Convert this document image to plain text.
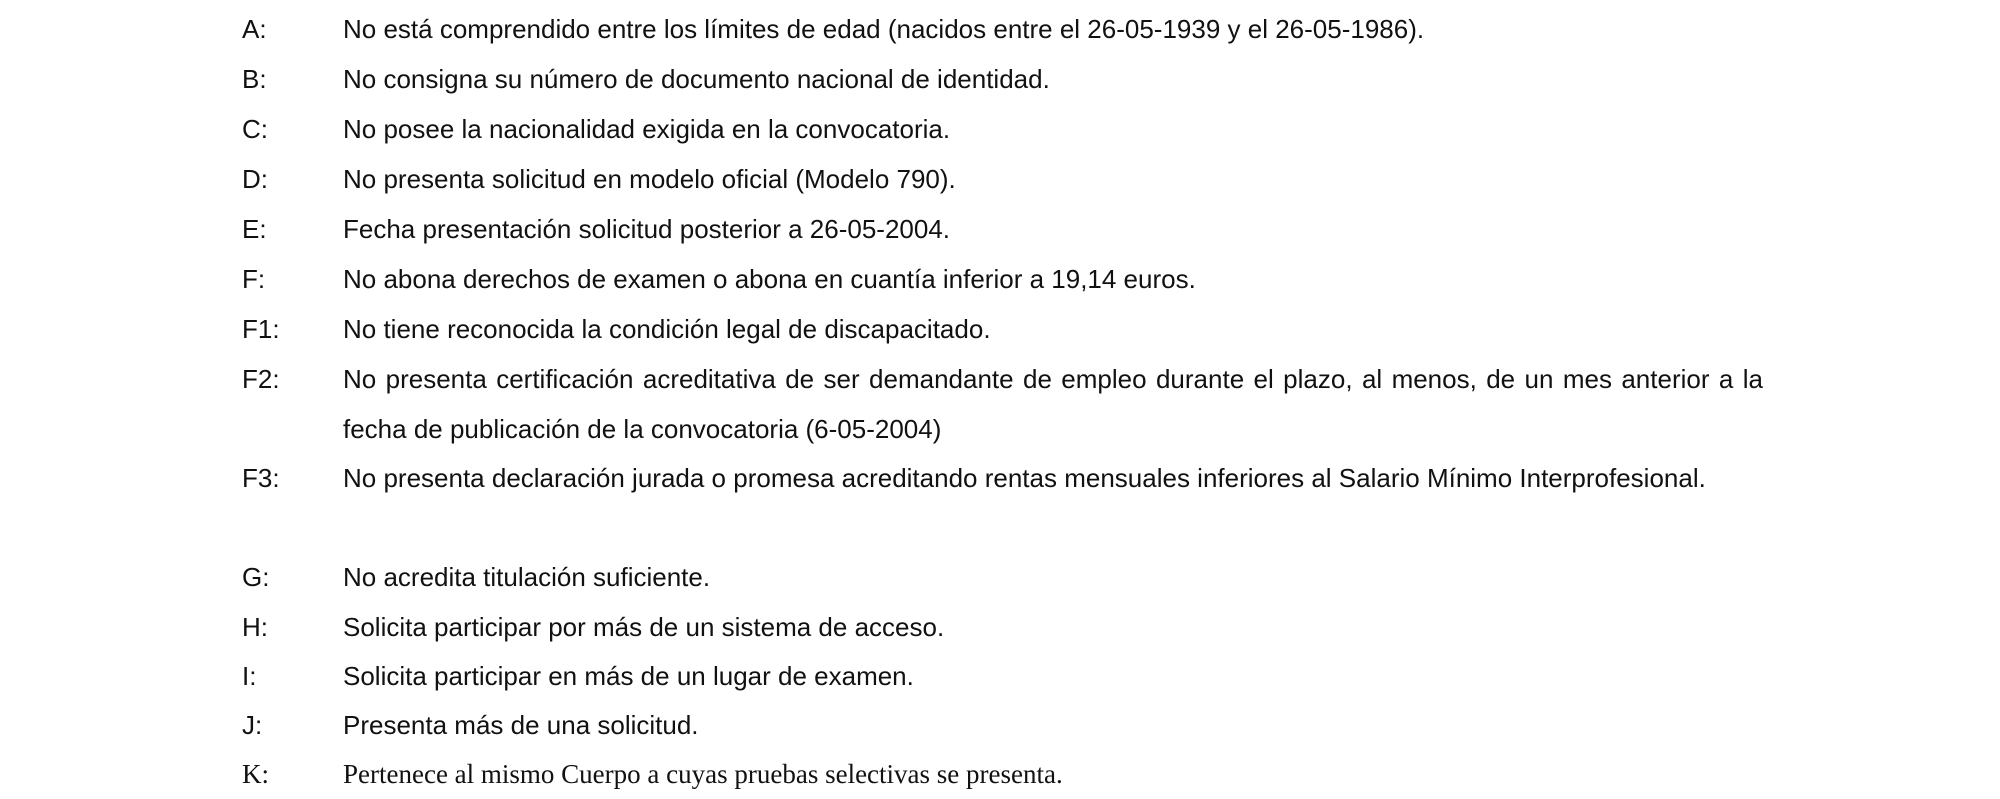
A:	No está comprendido entre los límites de edad (nacidos entre el 26-05-1939 y el 26-05-1986).
B:	No consigna su número de documento nacional de identidad.
C:	No posee la nacionalidad exigida en la convocatoria.
D:	No presenta solicitud en modelo oficial (Modelo 790).
E:	Fecha presentación solicitud posterior a 26-05-2004.
F:	No abona derechos de examen o abona en cuantía inferior a 19,14 euros.
F1:	No tiene reconocida la condición legal de discapacitado.
F2:	No presenta certificación acreditativa de ser demandante de empleo durante el plazo, al menos, de un mes anterior a la fecha de publicación de la convocatoria (6-05-2004)
F3:	No presenta declaración jurada o promesa acreditando rentas mensuales inferiores al Salario Mínimo Interprofesional.
G:	No acredita titulación suficiente.
H:	Solicita participar por más de un sistema de acceso.
I:	Solicita participar en más de un lugar de examen.
J:	Presenta más de una solicitud.
K:	Pertenece al mismo Cuerpo a cuyas pruebas selectivas se presenta.
